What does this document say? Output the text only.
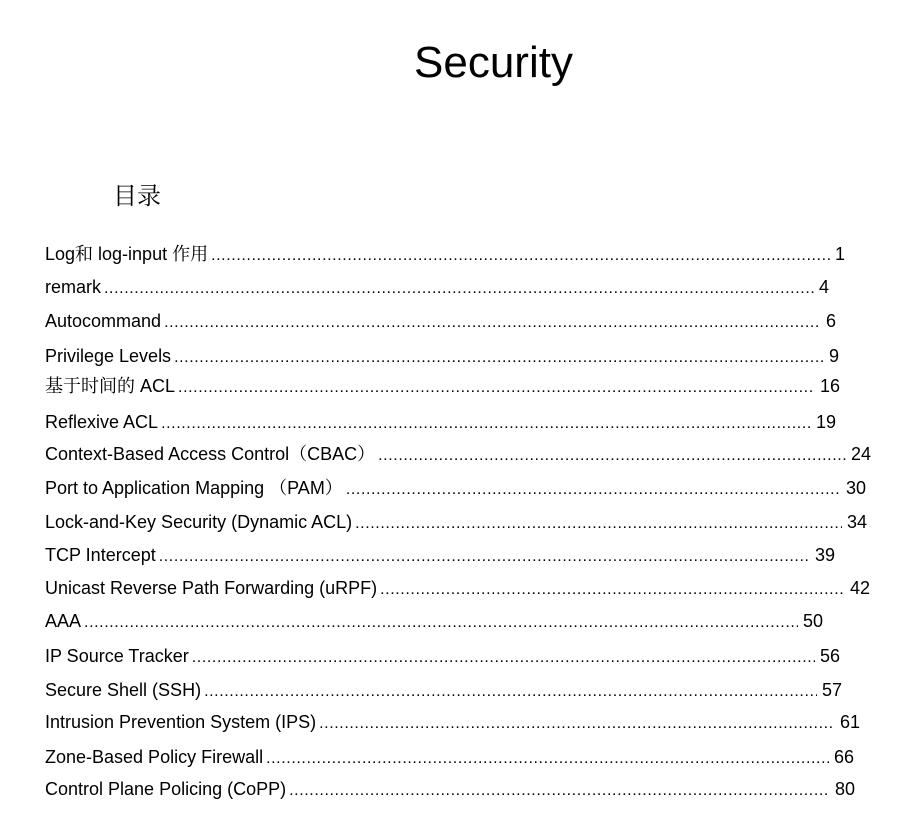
Security
目录
Log和 log-input 作用 .....	1
remark .....	4
Autocommand .....	6
Privilege Levels .....	9
基于时间的 ACL .....	16
Reflexive ACL .....	19
Context-Based Access Control（CBAC） .....	24
Port to Application Mapping （PAM） .....	30
Lock-and-Key Security (Dynamic ACL) .....	34
TCP Intercept .....	39
Unicast Reverse Path Forwarding (uRPF) .....	42
AAA .....	50
IP Source Tracker .....	56
Secure Shell (SSH) .....	57
Intrusion Prevention System (IPS) .....	61
Zone-Based Policy Firewall .....	66
Control Plane Policing (CoPP) .....	80
